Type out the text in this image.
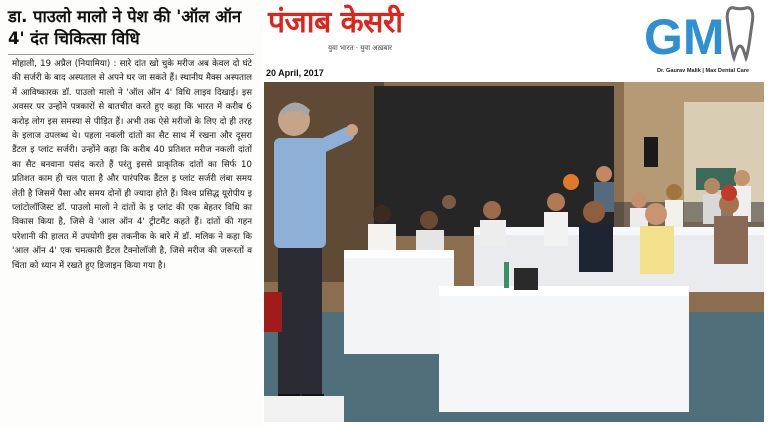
डा. पाउलो मालो ने पेश की 'ऑल ऑन 4' दंत चिकित्सा विधि
मोहाली, 19 अप्रैल (नियामिया) : सारे दांत खो चुके मरीज अब केवल दो घंटे की सर्जरी के बाद अस्पताल से अपने घर जा सकते हैं। स्थानीय मैक्स अस्पताल में आविष्कारक डॉ. पाउलो मालो ने 'ऑल ऑन 4' विधि लाइव दिखाई। इस अवसर पर उन्होंने पत्रकारों से बातचीत करते हुए कहा कि भारत में करीब 6 करोड़ लोग इस समस्या से पीड़ित हैं। अभी तक ऐसे मरीजों के लिए दो ही तरह के इलाज उपलब्ध थे। पहला नकली दांतों का सैट साथ में रखना और दूसरा डैंटल इ प्लांट सर्जरी। उन्होंने कहा कि करीब 40 प्रतिशत मरीज नकली दांतों का सैट बनवाना पसंद करते हैं परंतु इससे प्राकृतिक दांतों का सिर्फ 10 प्रतिशत काम ही चल पाता है और पारंपरिक डैंटल इ प्लांट सर्जरी लंबा समय लेती है जिसमें पैसा और समय दोनों ही ज्यादा होते हैं। विश्व प्रसिद्ध यूरोपीय इ प्लांटोलॉजिस्ट डॉ. पाउलो मालो ने दांतों के इ प्लांट की एक बेहतर विधि का विकास किया है, जिसे वे 'आल ऑन 4' ट्रीटमैंट कहते हैं। दांतों की गहन परेशानी की हालत में उपयोगी इस तकनीक के बारे में डॉ. मलिक ने कहा कि 'आल ऑन 4' एक चमत्कारी डैंटल टैक्नोलॉजी है, जिसे मरीज की जरूरतों व चिंता को ध्यान में रखते हुए डिजाइन किया गया है।
पंजाब केसरी
युवा भारत · युवा अख़बार
20 April, 2017
GM
Dr. Gaurav Malik | Max Dental Care
